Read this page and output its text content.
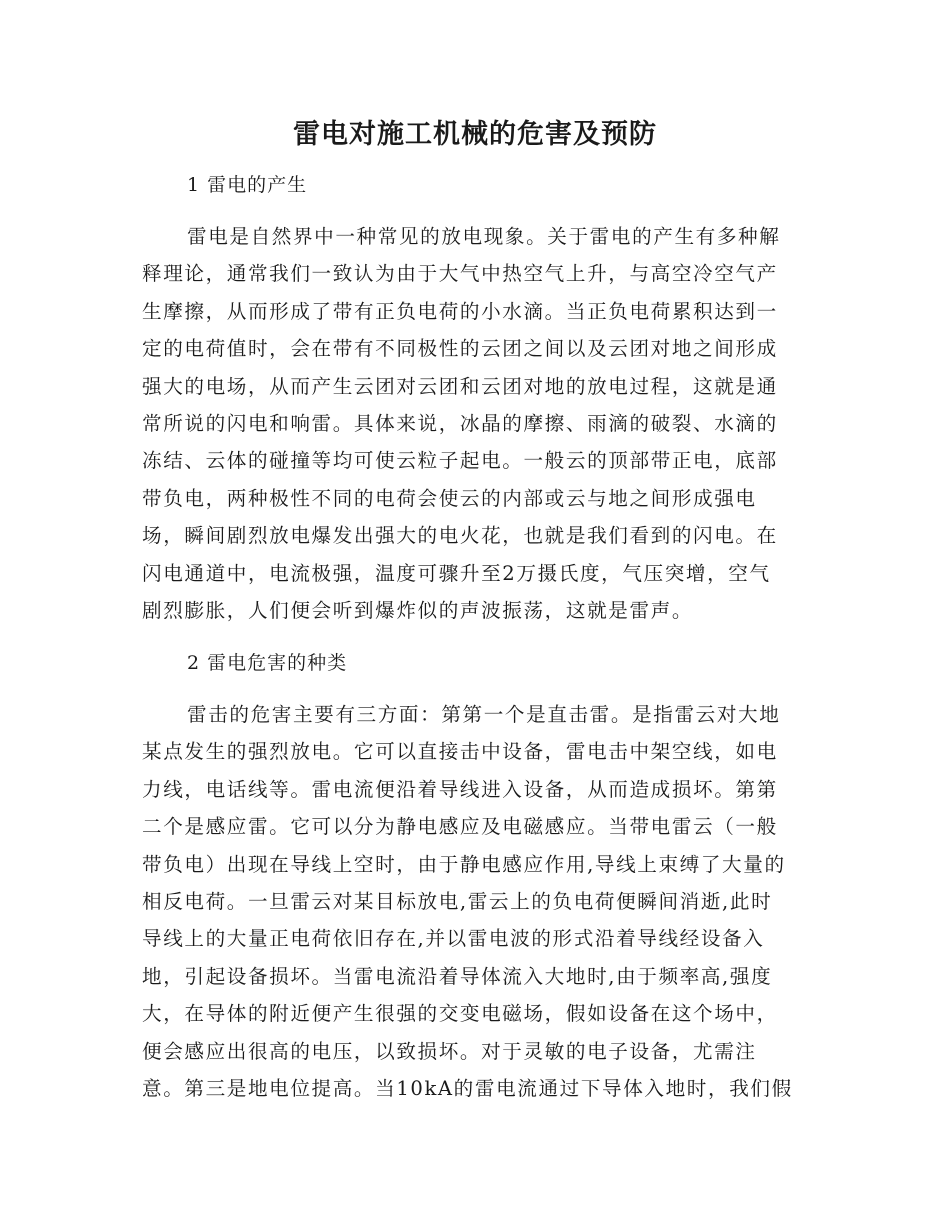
雷电对施工机械的危害及预防
1 雷电的产生
雷电是自然界中一种常见的放电现象。关于雷电的产生有多种解
释理论，通常我们一致认为由于大气中热空气上升，与高空冷空气产
生摩擦，从而形成了带有正负电荷的小水滴。当正负电荷累积达到一
定的电荷值时，会在带有不同极性的云团之间以及云团对地之间形成
强大的电场，从而产生云团对云团和云团对地的放电过程，这就是通
常所说的闪电和响雷。具体来说，冰晶的摩擦、雨滴的破裂、水滴的
冻结、云体的碰撞等均可使云粒子起电。一般云的顶部带正电，底部
带负电，两种极性不同的电荷会使云的内部或云与地之间形成强电
场，瞬间剧烈放电爆发出强大的电火花，也就是我们看到的闪电。在
闪电通道中，电流极强，温度可骤升至2万摄氏度，气压突增，空气
剧烈膨胀，人们便会听到爆炸似的声波振荡，这就是雷声。
2 雷电危害的种类
雷击的危害主要有三方面：第第一个是直击雷。是指雷云对大地
某点发生的强烈放电。它可以直接击中设备，雷电击中架空线，如电
力线，电话线等。雷电流便沿着导线进入设备，从而造成损坏。第第
二个是感应雷。它可以分为静电感应及电磁感应。当带电雷云（一般
带负电）出现在导线上空时，由于静电感应作用,导线上束缚了大量的
相反电荷。一旦雷云对某目标放电,雷云上的负电荷便瞬间消逝,此时
导线上的大量正电荷依旧存在,并以雷电波的形式沿着导线经设备入
地，引起设备损坏。当雷电流沿着导体流入大地时,由于频率高,强度
大，在导体的附近便产生很强的交变电磁场，假如设备在这个场中，
便会感应出很高的电压，以致损坏。对于灵敏的电子设备，尤需注
意。第三是地电位提高。当10kA的雷电流通过下导体入地时，我们假
